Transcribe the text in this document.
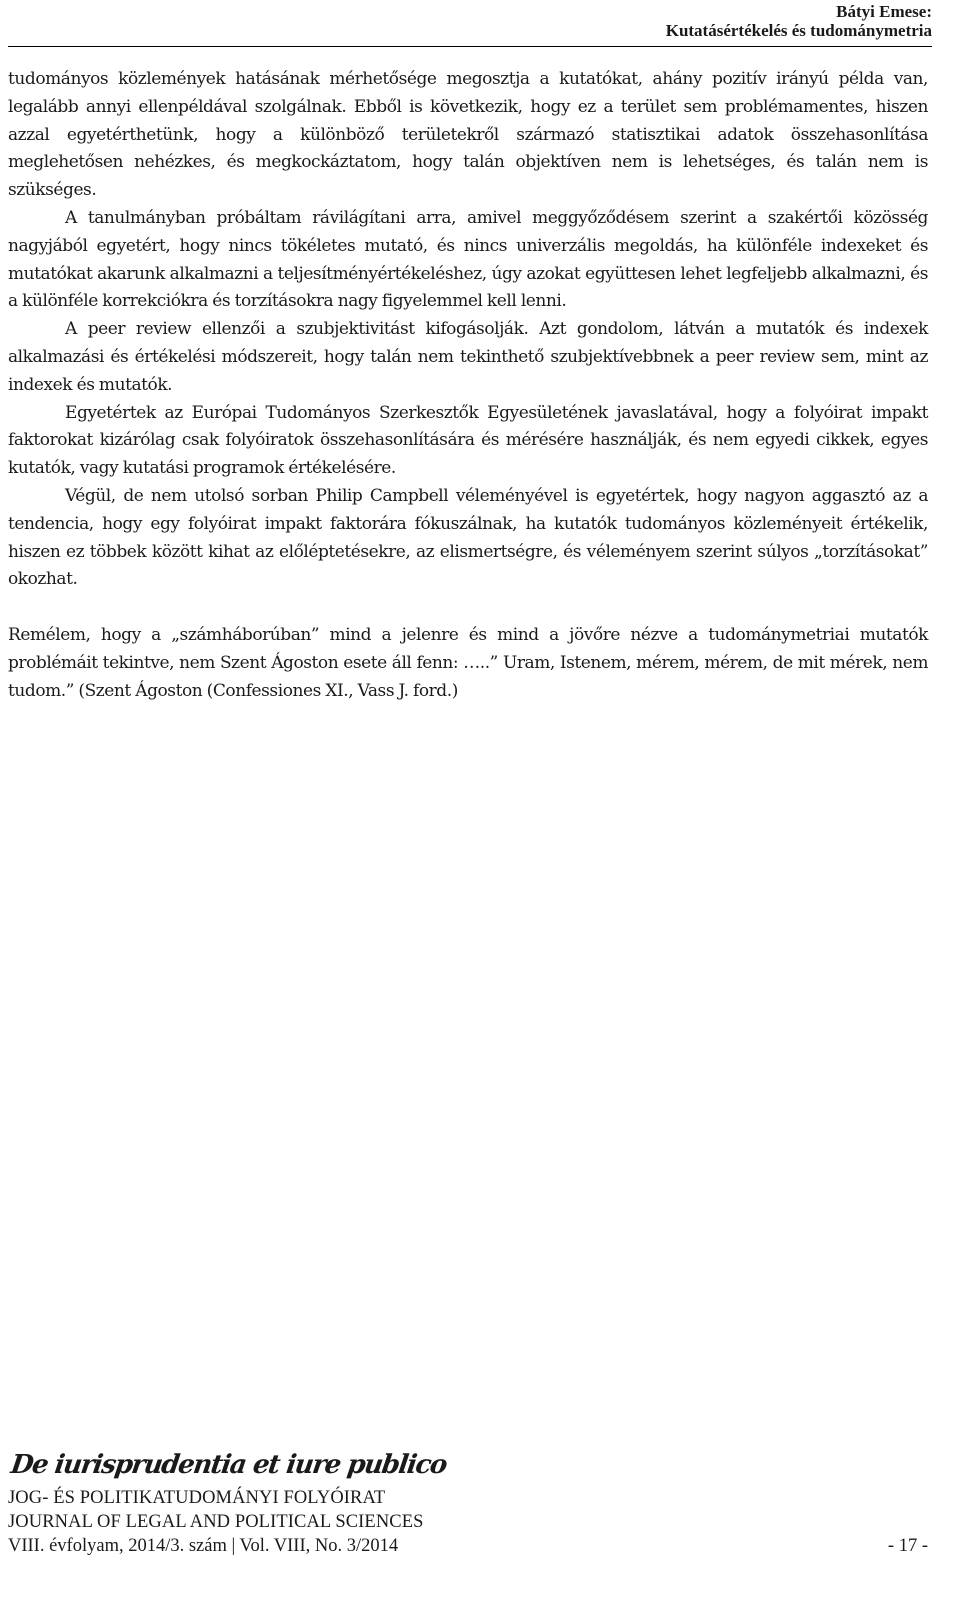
Bátyi Emese:
Kutatásértékelés és tudománymetria

tudományos közlemények hatásának mérhetősége megosztja a kutatókat, ahány pozitív irányú példa van, legalább annyi ellenpéldával szolgálnak. Ebből is következik, hogy ez a terület sem problémamentes, hiszen azzal egyetérthetünk, hogy a különböző területekről származó statisztikai adatok összehasonlítása meglehetősen nehézkes, és megkockáztatom, hogy talán objektíven nem is lehetséges, és talán nem is szükséges.

A tanulmányban próbáltam rávilágítani arra, amivel meggyőződésem szerint a szakértői közösség nagyjából egyetért, hogy nincs tökéletes mutató, és nincs univerzális megoldás, ha különféle indexeket és mutatókat akarunk alkalmazni a teljesítményértékeléshez, úgy azokat együttesen lehet legfeljebb alkalmazni, és a különféle korrekciókra és torzításokra nagy figyelemmel kell lenni.

A peer review ellenzői a szubjektivitást kifogásolják. Azt gondolom, látván a mutatók és indexek alkalmazási és értékelési módszereit, hogy talán nem tekinthető szubjektívebbnek a peer review sem, mint az indexek és mutatók.

Egyetértek az Európai Tudományos Szerkesztők Egyesületének javaslatával, hogy a folyóirat impakt faktorokat kizárólag csak folyóiratok összehasonlítására és mérésére használják, és nem egyedi cikkek, egyes kutatók, vagy kutatási programok értékelésére.

Végül, de nem utolsó sorban Philip Campbell véleményével is egyetértek, hogy nagyon aggasztó az a tendencia, hogy egy folyóirat impakt faktorára fókuszálnak, ha kutatók tudományos közleményeit értékelik, hiszen ez többek között kihat az előléptetésekre, az elismertségre, és véleményem szerint súlyos „torzításokat” okozhat.

Remélem, hogy a „számháborúban” mind a jelenre és mind a jövőre nézve a tudománymetriai mutatók problémáit tekintve, nem Szent Ágoston esete áll fenn: …..” Uram, Istenem, mérem, mérem, de mit mérek, nem tudom.” (Szent Ágoston (Confessiones XI., Vass J. ford.)

De iurisprudentia et iure publico
JOG- ÉS POLITIKATUDOMÁNYI FOLYÓIRAT
JOURNAL OF LEGAL AND POLITICAL SCIENCES
VIII. évfolyam, 2014/3. szám | Vol. VIII, No. 3/2014	- 17 -
